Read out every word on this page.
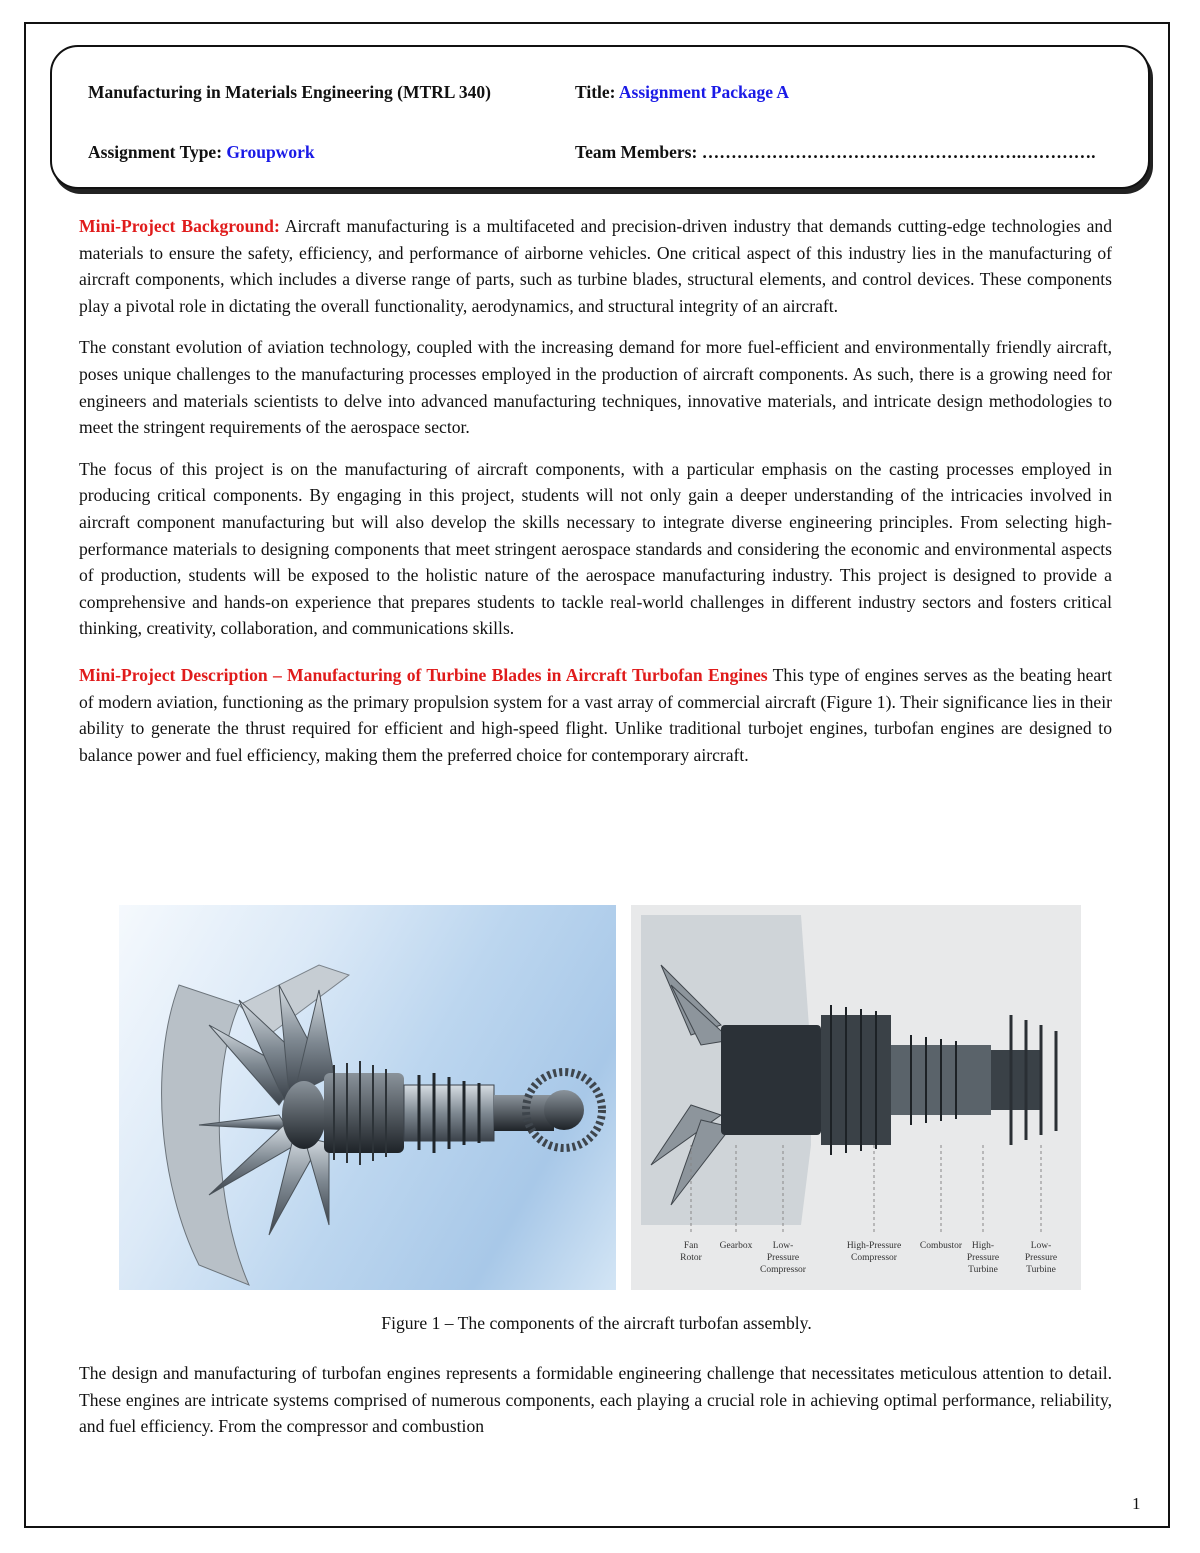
Manufacturing in Materials Engineering (MTRL 340)	Title: Assignment Package A
Assignment Type: Groupwork	Team Members: ……………………………………………….………….

Mini-Project Background: Aircraft manufacturing is a multifaceted and precision-driven industry that demands cutting-edge technologies and materials to ensure the safety, efficiency, and performance of airborne vehicles. One critical aspect of this industry lies in the manufacturing of aircraft components, which includes a diverse range of parts, such as turbine blades, structural elements, and control devices. These components play a pivotal role in dictating the overall functionality, aerodynamics, and structural integrity of an aircraft.

The constant evolution of aviation technology, coupled with the increasing demand for more fuel-efficient and environmentally friendly aircraft, poses unique challenges to the manufacturing processes employed in the production of aircraft components. As such, there is a growing need for engineers and materials scientists to delve into advanced manufacturing techniques, innovative materials, and intricate design methodologies to meet the stringent requirements of the aerospace sector.

The focus of this project is on the manufacturing of aircraft components, with a particular emphasis on the casting processes employed in producing critical components. By engaging in this project, students will not only gain a deeper understanding of the intricacies involved in aircraft component manufacturing but will also develop the skills necessary to integrate diverse engineering principles. From selecting high-performance materials to designing components that meet stringent aerospace standards and considering the economic and environmental aspects of production, students will be exposed to the holistic nature of the aerospace manufacturing industry. This project is designed to provide a comprehensive and hands-on experience that prepares students to tackle real-world challenges in different industry sectors and fosters critical thinking, creativity, collaboration, and communications skills.

Mini-Project Description – Manufacturing of Turbine Blades in Aircraft Turbofan Engines This type of engines serves as the beating heart of modern aviation, functioning as the primary propulsion system for a vast array of commercial aircraft (Figure 1). Their significance lies in their ability to generate the thrust required for efficient and high-speed flight. Unlike traditional turbojet engines, turbofan engines are designed to balance power and fuel efficiency, making them the preferred choice for contemporary aircraft.

Fan Rotor
Gearbox	Low-Pressure Compressor
High-Pressure Compressor
Combustor	High-Pressure Turbine
Low-Pressure Turbine
Figure 1 – The components of the aircraft turbofan assembly.

The design and manufacturing of turbofan engines represents a formidable engineering challenge that necessitates meticulous attention to detail. These engines are intricate systems comprised of numerous components, each playing a crucial role in achieving optimal performance, reliability, and fuel efficiency. From the compressor and combustion

1
